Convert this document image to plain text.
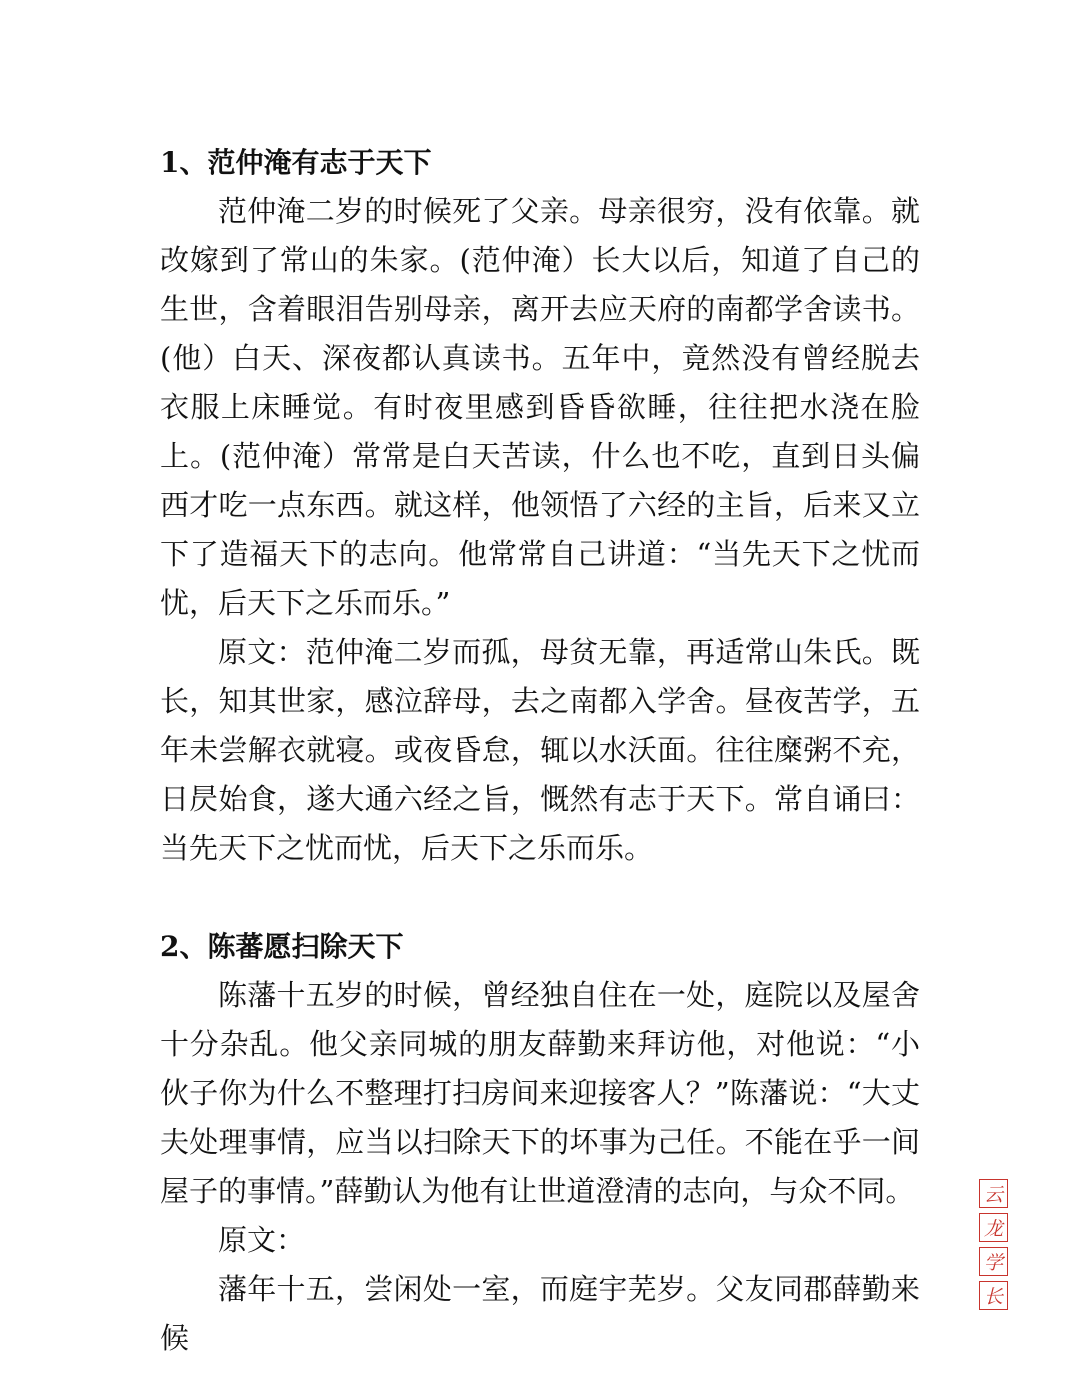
1、范仲淹有志于天下

范仲淹二岁的时候死了父亲。母亲很穷，没有依靠。就改嫁到了常山的朱家。(范仲淹）长大以后，知道了自己的生世，含着眼泪告别母亲，离开去应天府的南都学舍读书。(他）白天、深夜都认真读书。五年中，竟然没有曾经脱去衣服上床睡觉。有时夜里感到昏昏欲睡，往往把水浇在脸上。(范仲淹）常常是白天苦读，什么也不吃，直到日头偏西才吃一点东西。就这样，他领悟了六经的主旨，后来又立下了造福天下的志向。他常常自己讲道：“当先天下之忧而忧，后天下之乐而乐。”

原文：范仲淹二岁而孤，母贫无靠，再适常山朱氏。既长，知其世家，感泣辞母，去之南都入学舍。昼夜苦学，五年未尝解衣就寝。或夜昏怠，辄以水沃面。往往糜粥不充，日昃始食，遂大通六经之旨，慨然有志于天下。常自诵曰：当先天下之忧而忧，后天下之乐而乐。

2、陈蕃愿扫除天下

陈藩十五岁的时候，曾经独自住在一处，庭院以及屋舍十分杂乱。他父亲同城的朋友薛勤来拜访他，对他说：“小伙子你为什么不整理打扫房间来迎接客人？”陈藩说：“大丈夫处理事情，应当以扫除天下的坏事为己任。不能在乎一间屋子的事情。”薛勤认为他有让世道澄清的志向，与众不同。

原文：

藩年十五，尝闲处一室，而庭宇芜岁。父友同郡薛勤来候

云
龙
学
长
